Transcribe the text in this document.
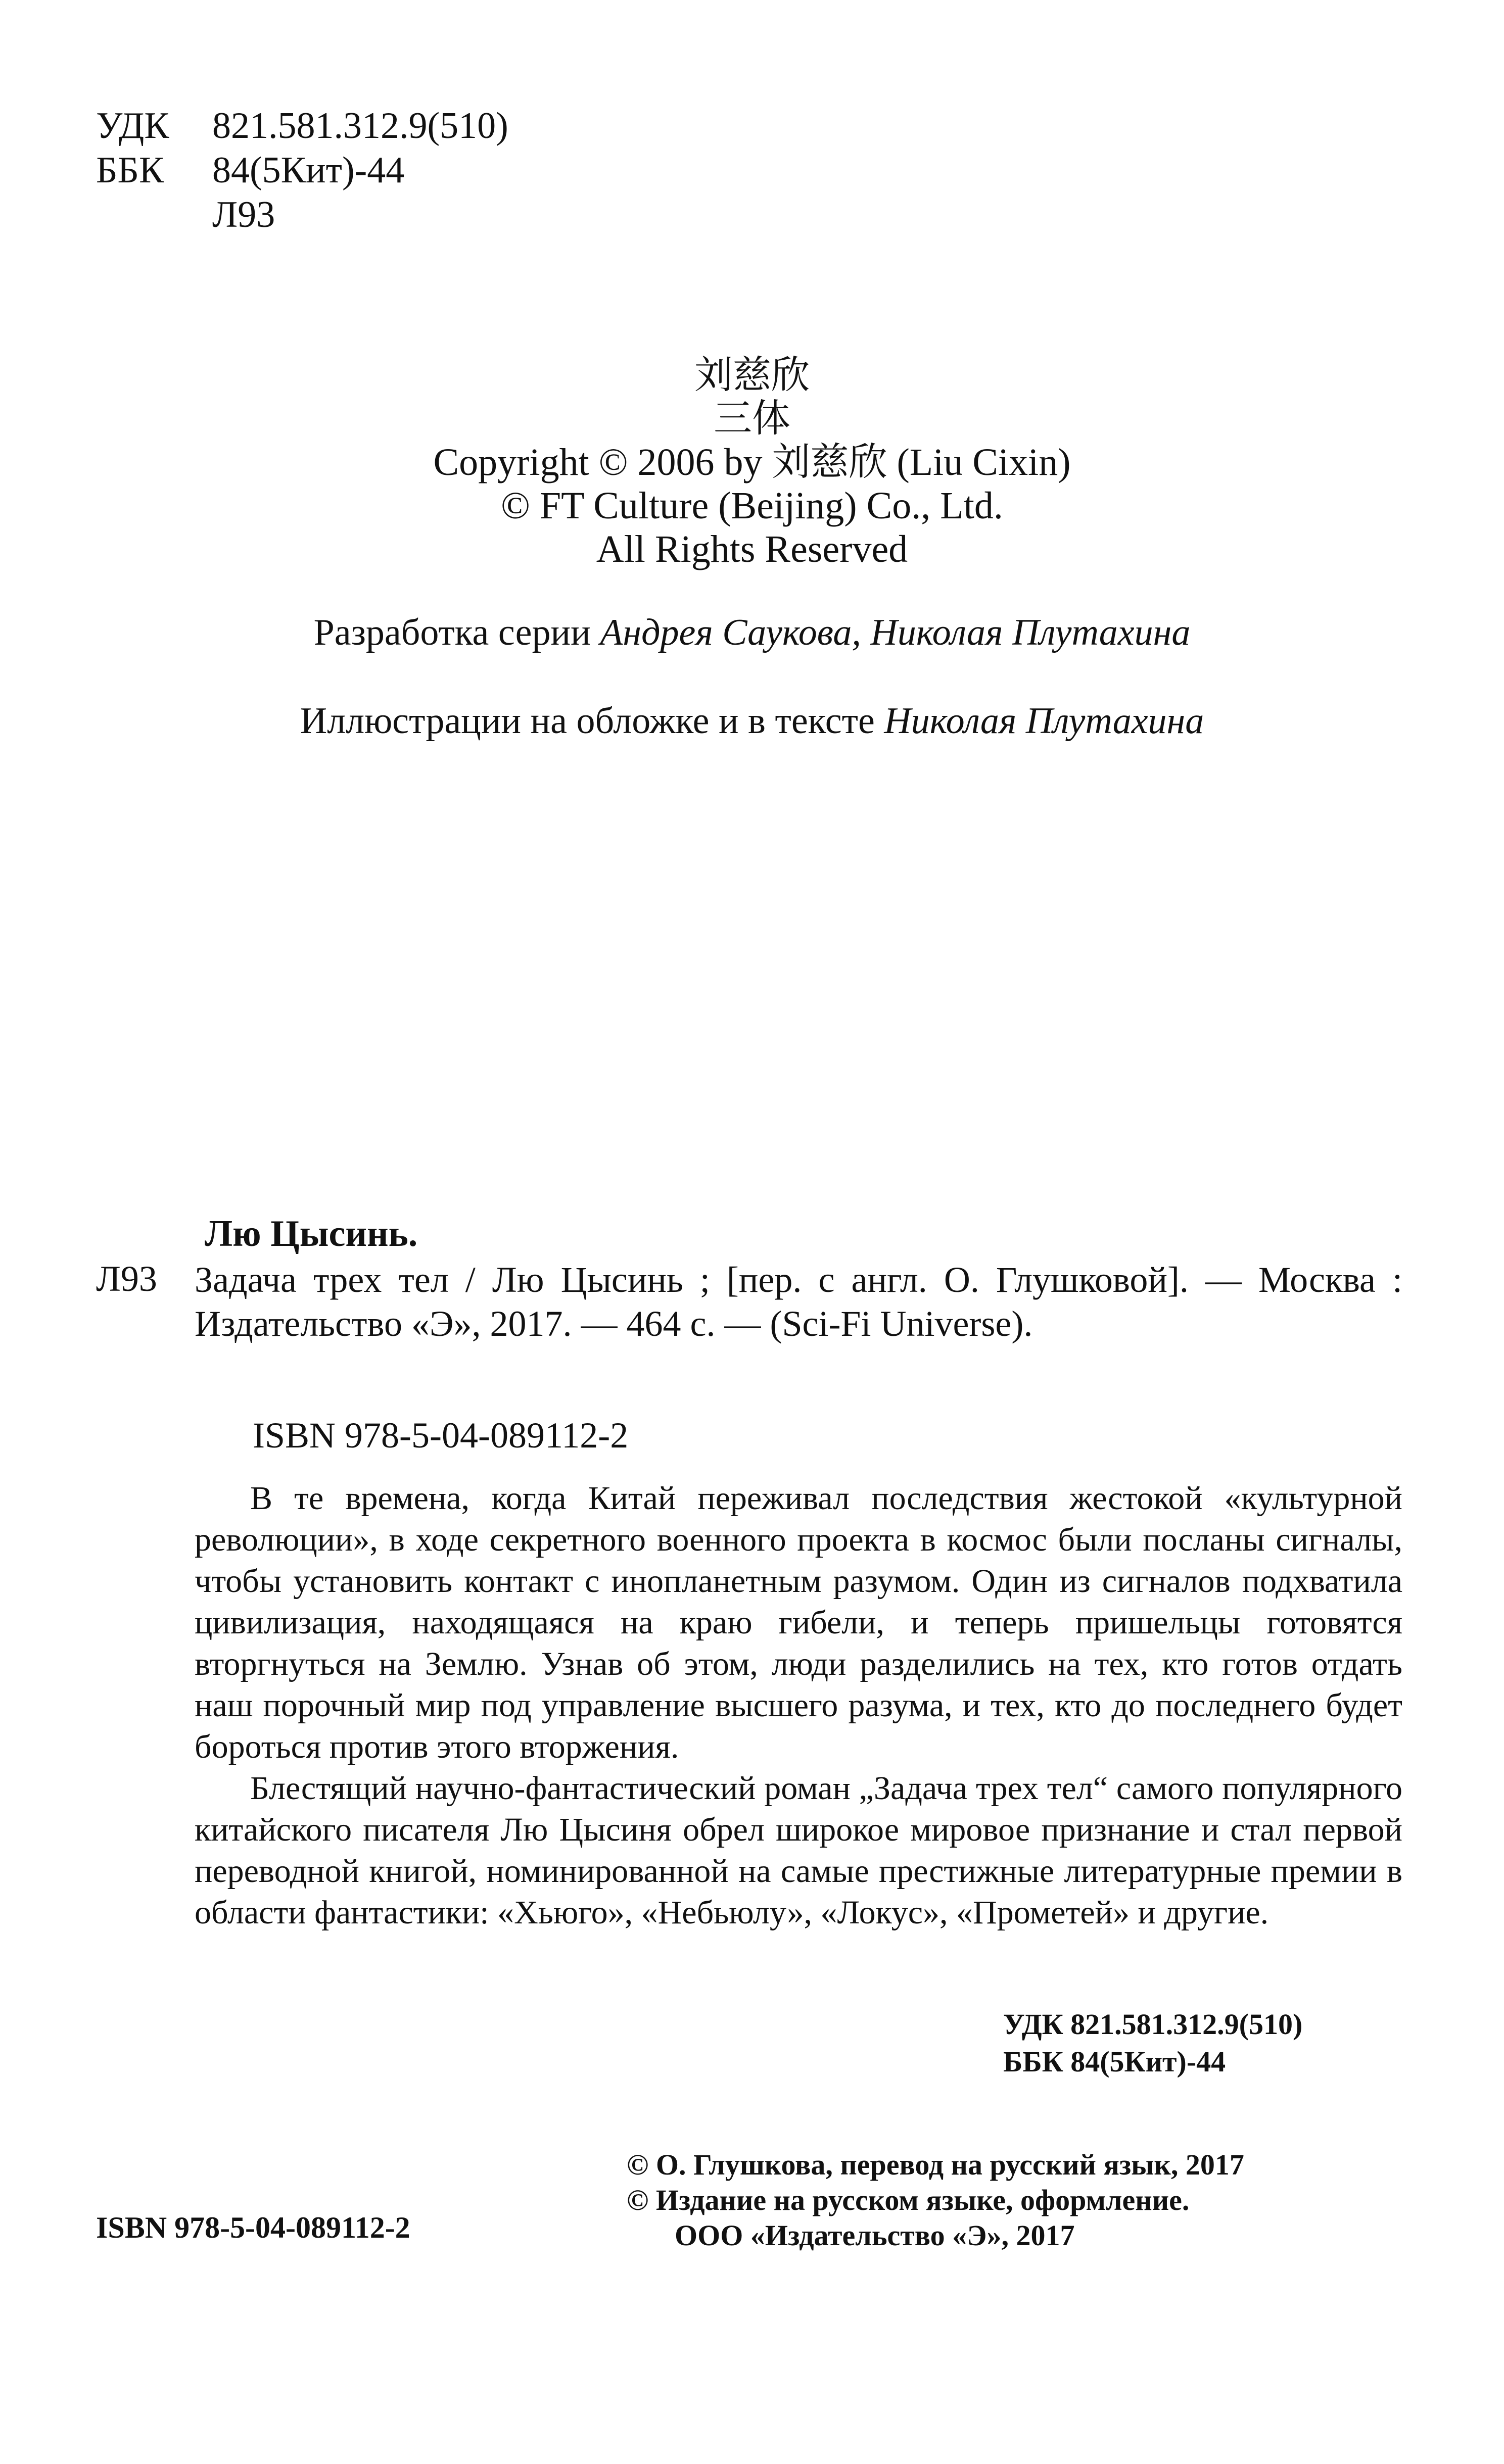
УДК 821.581.312.9(510)
ББК 84(5Кит)-44
Л93
刘慈欣
三体
Copyright © 2006 by 刘慈欣 (Liu Cixin)
© FT Culture (Beijing) Co., Ltd.
All Rights Reserved
Разработка серии Андрея Саукова, Николая Плутахина
Иллюстрации на обложке и в тексте Николая Плутахина
Лю Цысинь.
Л93 Задача трех тел / Лю Цысинь ; [пер. с англ. О. Глушковой]. — Москва : Издательство «Э», 2017. — 464 с. — (Sci-Fi Universe).
ISBN 978-5-04-089112-2

В те времена, когда Китай переживал последствия жестокой «культурной революции», в ходе секретного военного проекта в космос были посланы сигналы, чтобы установить контакт с инопланетным разумом. Один из сигналов подхватила цивилизация, находящаяся на краю гибели, и теперь пришельцы готовятся вторгнуться на Землю. Узнав об этом, люди разделились на тех, кто готов отдать наш порочный мир под управление высшего разума, и тех, кто до последнего будет бороться против этого вторжения.

Блестящий научно-фантастический роман „Задача трех тел“ самого популярного китайского писателя Лю Цысиня обрел широкое мировое признание и стал первой переводной книгой, номинированной на самые престижные литературные премии в области фантастики: «Хьюго», «Небьюлу», «Локус», «Прометей» и другие.

УДК 821.581.312.9(510)
ББК 84(5Кит)-44
© О. Глушкова, перевод на русский язык, 2017
© Издание на русском языке, оформление.
ООО «Издательство «Э», 2017
ISBN 978-5-04-089112-2
